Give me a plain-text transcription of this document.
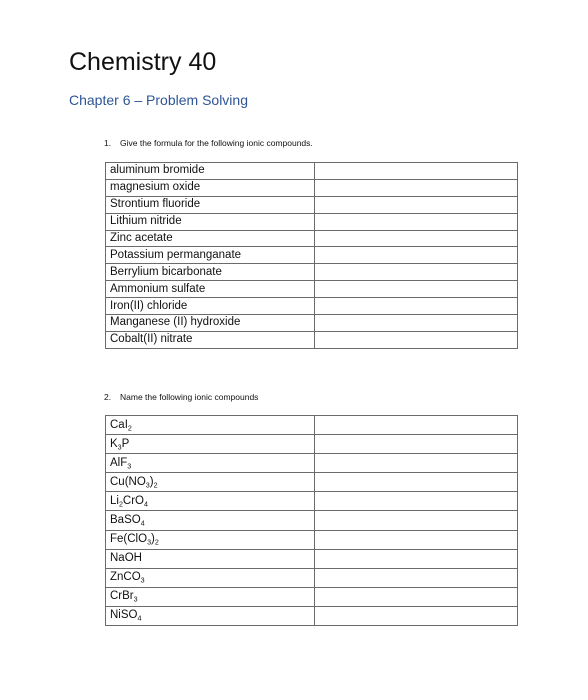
Chemistry 40
Chapter 6 – Problem Solving
1. Give the formula for the following ionic compounds.
aluminum bromide	
magnesium oxide	
Strontium fluoride	
Lithium nitride	
Zinc acetate	
Potassium permanganate	
Berrylium bicarbonate	
Ammonium sulfate	
Iron(II) chloride	
Manganese (II) hydroxide	
Cobalt(II) nitrate	
2. Name the following ionic compounds
CaI$_2$	
$K_3P$	
AlF$_3$	
$Cu(NO_3)_2$	
$Li_2CrO_4$	
BaSO$_4$	
$Fe(ClO_3)_2$	
NaOH	
ZnCO$_3$	
CrBr$_3$	
NiSO$_4$	
